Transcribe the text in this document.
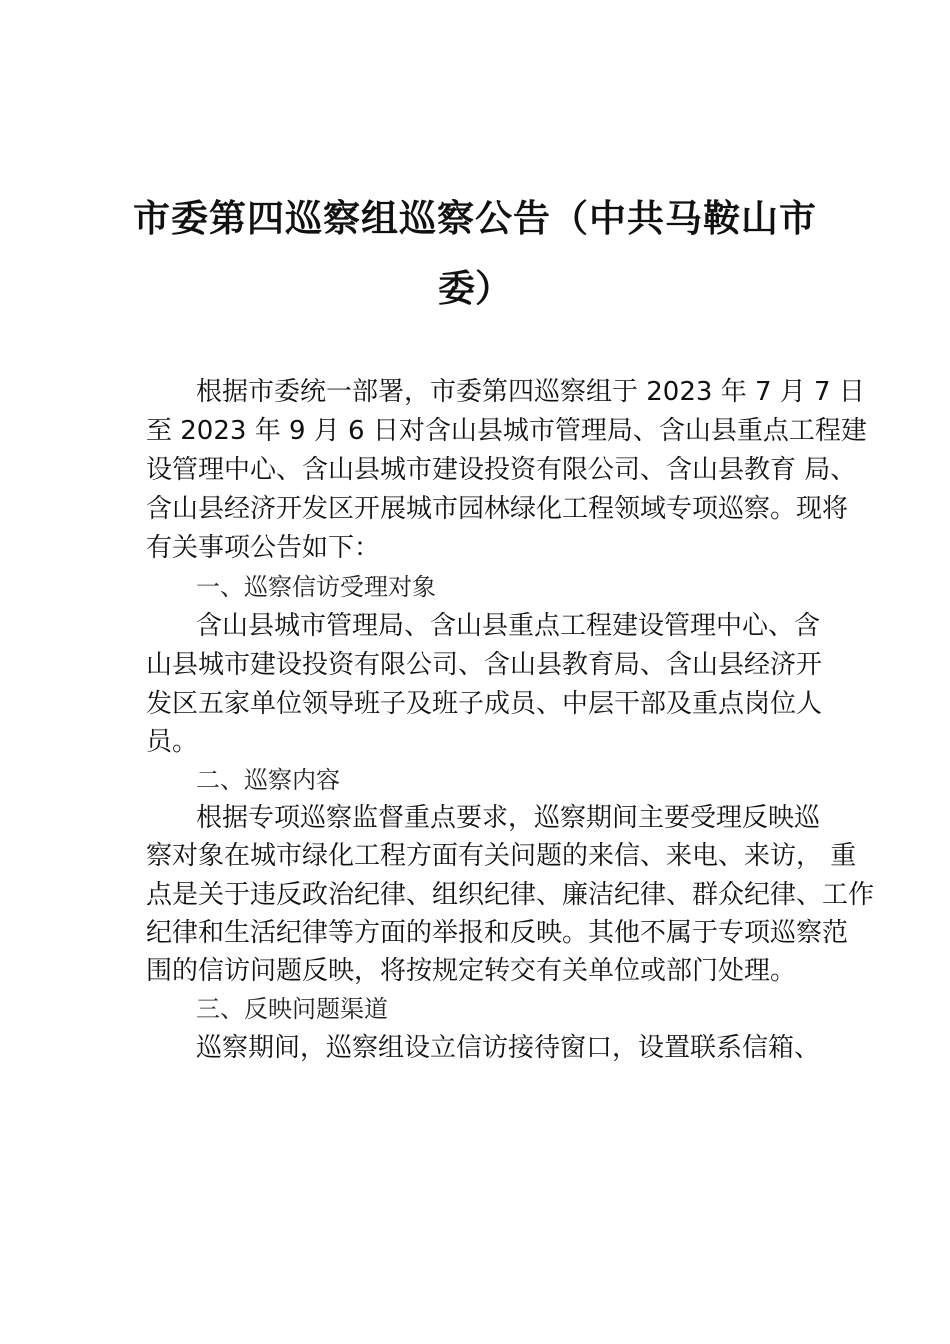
市委第四巡察组巡察公告（中共马鞍山市
委）
根据市委统一部署，市委第四巡察组于 2023 年 7 月 7 日
至 2023 年 9 月 6 日对含山县城市管理局、含山县重点工程建
设管理中心、含山县城市建设投资有限公司、含山县教育 局、
含山县经济开发区开展城市园林绿化工程领域专项巡察。现将
有关事项公告如下：
一、巡察信访受理对象
含山县城市管理局、含山县重点工程建设管理中心、含
山县城市建设投资有限公司、含山县教育局、含山县经济开
发区五家单位领导班子及班子成员、中层干部及重点岗位人
员。
二、巡察内容
根据专项巡察监督重点要求，巡察期间主要受理反映巡
察对象在城市绿化工程方面有关问题的来信、来电、来访， 重
点是关于违反政治纪律、组织纪律、廉洁纪律、群众纪律、工作
纪律和生活纪律等方面的举报和反映。其他不属于专项巡察范
围的信访问题反映，将按规定转交有关单位或部门处理。
三、反映问题渠道
巡察期间，巡察组设立信访接待窗口，设置联系信箱、
